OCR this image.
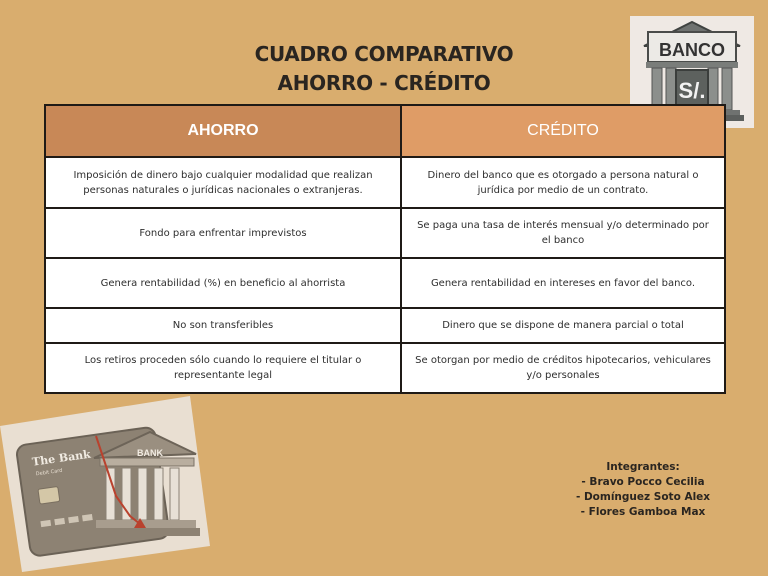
CUADRO COMPARATIVO
AHORRO - CRÉDITO
BANCO
S/.
AHORRO	CRÉDITO
Imposición de dinero bajo cualquier modalidad que realizan personas naturales o jurídicas nacionales o extranjeras.	Dinero del banco que es otorgado a persona natural o jurídica por medio de un contrato.
Fondo para enfrentar imprevistos	Se paga una tasa de interés mensual y/o determinado por el banco
Genera rentabilidad (%) en beneficio al ahorrista	Genera rentabilidad en intereses en favor del banco.
No son transferibles	Dinero que se dispone de manera parcial o total
Los retiros proceden sólo cuando lo requiere el titular o representante legal	Se otorgan por medio de créditos hipotecarios, vehiculares y/o personales
The Bank
Debit Card
BANK
Integrantes:
- Bravo Pocco Cecilia
- Domínguez Soto Alex
- Flores Gamboa Max
